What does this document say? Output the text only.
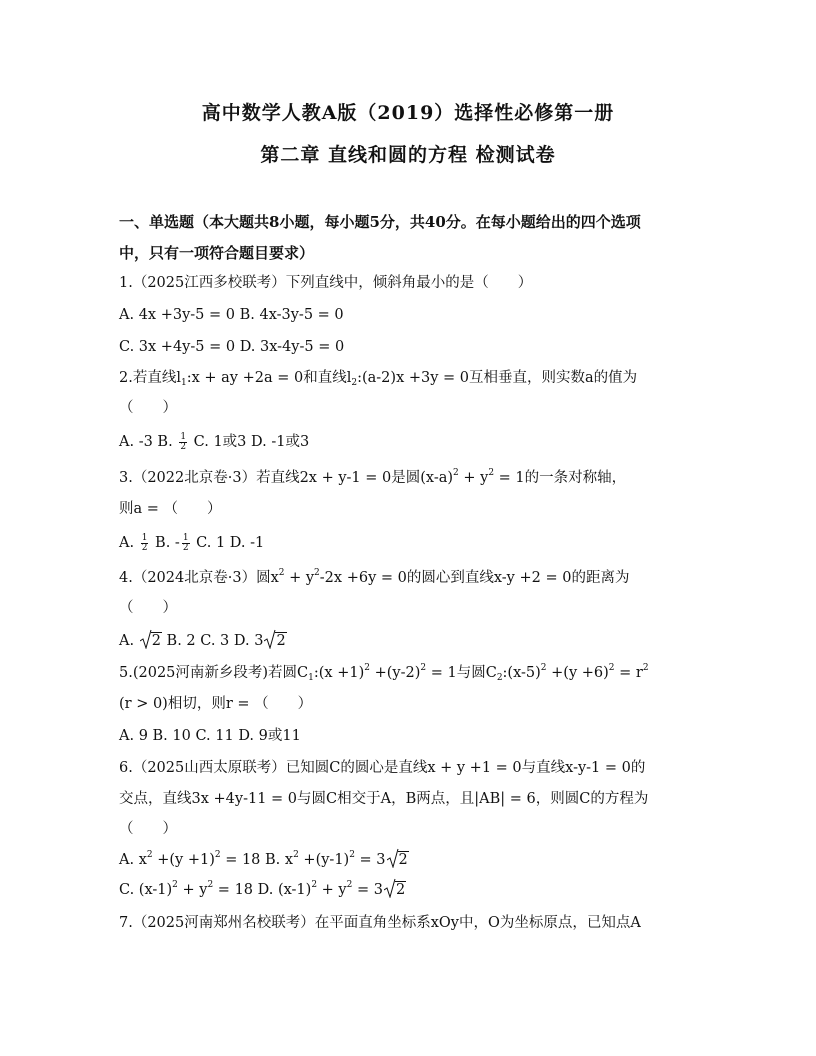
高中数学人教A版（2019）选择性必修第一册
第二章 直线和圆的方程 检测试卷
一、单选题（本大题共8小题，每小题5分，共40分。在每小题给出的四个选项
中，只有一项符合题目要求）
1.（2025江西多校联考）下列直线中，倾斜角最小的是（　　）
A. 4x +3y-5 = 0 B. 4x-3y-5 = 0
C. 3x +4y-5 = 0 D. 3x-4y-5 = 0
2.若直线$l_1:x$ + ay +2a = 0和直线$l_2:(a-2)x +3y = 0$互相垂直，则实数a的值为
（　　）
A. -3 B. $\frac{1}{2} C$. 1或3 D. -1或3
3.（2022北京卷·3）若直线2x + y-1 = 0是圆$(x-a)^2 + y^2 = 1$的一条对称轴，
则a = （　　）
A. $\frac{1}{2} B$. - $\frac{1}{2} C$. 1 D. -1
4.（2024北京卷·3）圆$x^2 + y^2-2x +6y = 0$的圆心到直线x-y +2 = 0的距离为
（　　）
A.
2 B. 2 C. 3 D. 3 2
5.(2025河南新乡段考)若圆$C_1:(x +1)^2 +(y-2)^2 = 1$与圆$C_2:(x-5)^2 +(y +6)^2 = r^2$
(r > 0)相切，则r = （　　）
A. 9 B. 10 C. 11 D. 9或11
6.（2025山西太原联考）已知圆C的圆心是直线x + y +1 = 0与直线x-y-1 = 0的
交点，直线3x +4y-11 = 0与圆C相交于A，B两点，且|AB| = 6，则圆C的方程为
（　　）
A. $x^2 +(y +1)^2 = 18$ B. $x^2 +(y-1)^2 = 3$ 2
C. $(x-1)^2 + y^2 = 18$ D. $(x-1)^2 + y^2 = 3$ 2
7.（2025河南郑州名校联考）在平面直角坐标系xOy中，O为坐标原点，已知点A
